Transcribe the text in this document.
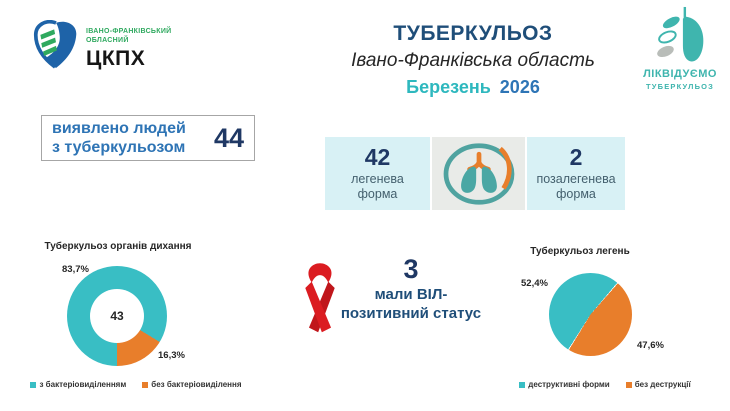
ІВАНО-ФРАНКІВСЬКИЙ
ОБЛАСНИЙ
ЦКПХ
ТУБЕРКУЛЬОЗ
Івано-Франківська область
Березень 2026
ЛІКВІДУЄМО
ТУБЕРКУЛЬОЗ
виявлено людей
з туберкульозом	44
42
легенева
форма
2
позалегенева
форма
Туберкульоз органів дихання
43
83,7%
16,3%
з бактеріовиділенням	без бактеріовиділення
3
мали ВІЛ-
позитивний статус
Туберкульоз легень
52,4%
47,6%
деструктивні форми	без деструкції
